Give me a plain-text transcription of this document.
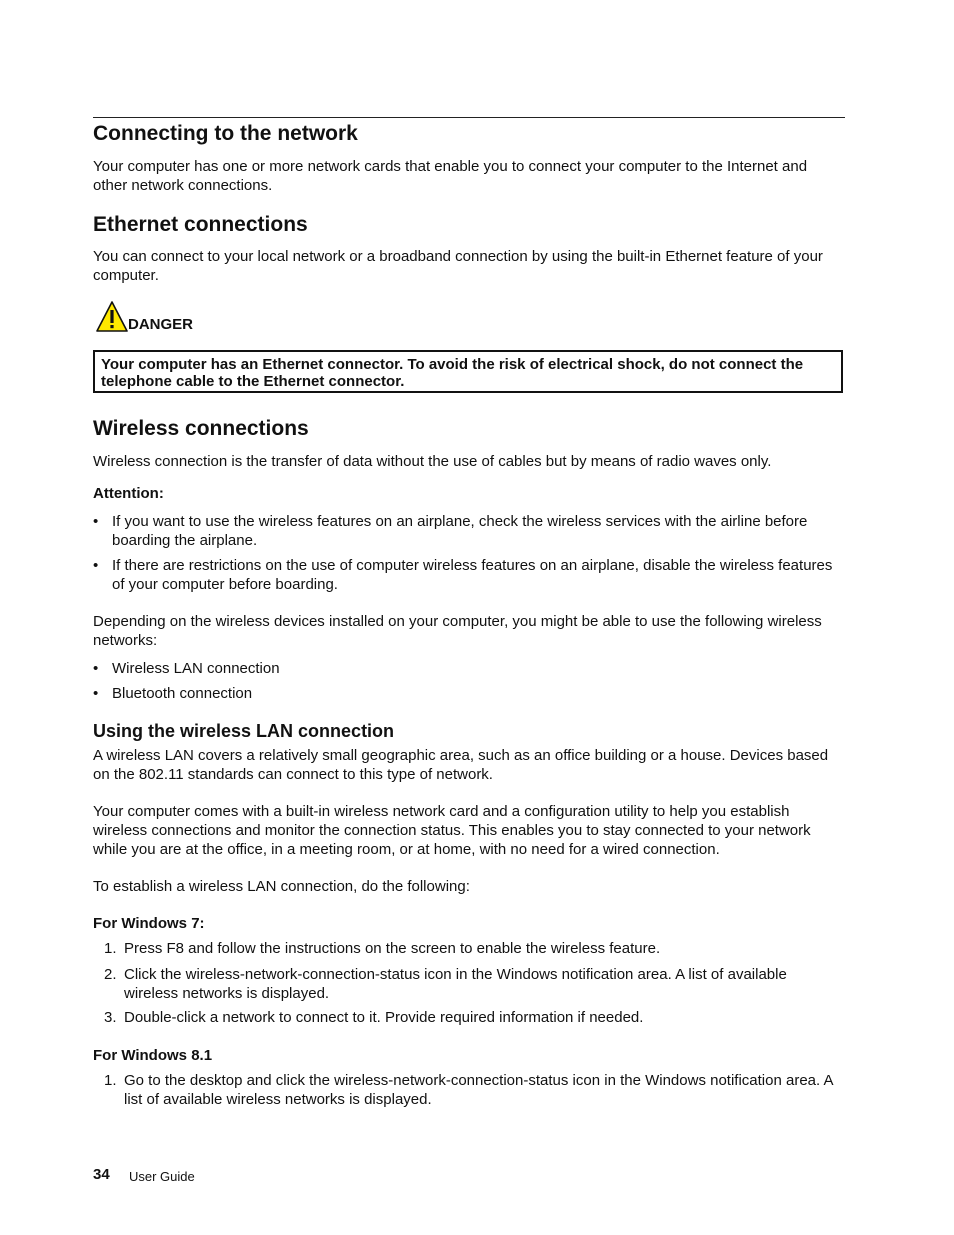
Connecting to the network

Your computer has one or more network cards that enable you to connect your computer to the Internet and other network connections.

Ethernet connections

You can connect to your local network or a broadband connection by using the built-in Ethernet feature of your computer.

DANGER
Your computer has an Ethernet connector. To avoid the risk of electrical shock, do not connect the telephone cable to the Ethernet connector.
Wireless connections

Wireless connection is the transfer of data without the use of cables but by means of radio waves only.

Attention:

• If you want to use the wireless features on an airplane, check the wireless services with the airline before boarding the airplane.
• If there are restrictions on the use of computer wireless features on an airplane, disable the wireless features of your computer before boarding.

Depending on the wireless devices installed on your computer, you might be able to use the following wireless networks:

• Wireless LAN connection
• Bluetooth connection
Using the wireless LAN connection

A wireless LAN covers a relatively small geographic area, such as an office building or a house. Devices based on the 802.11 standards can connect to this type of network.

Your computer comes with a built-in wireless network card and a configuration utility to help you establish wireless connections and monitor the connection status. This enables you to stay connected to your network while you are at the office, in a meeting room, or at home, with no need for a wired connection.

To establish a wireless LAN connection, do the following:

For Windows 7:

1. Press F8 and follow the instructions on the screen to enable the wireless feature.
2. Click the wireless-network-connection-status icon in the Windows notification area. A list of available wireless networks is displayed.
3. Double-click a network to connect to it. Provide required information if needed.

For Windows 8.1

1. Go to the desktop and click the wireless-network-connection-status icon in the Windows notification area. A list of available wireless networks is displayed.
34 User Guide
